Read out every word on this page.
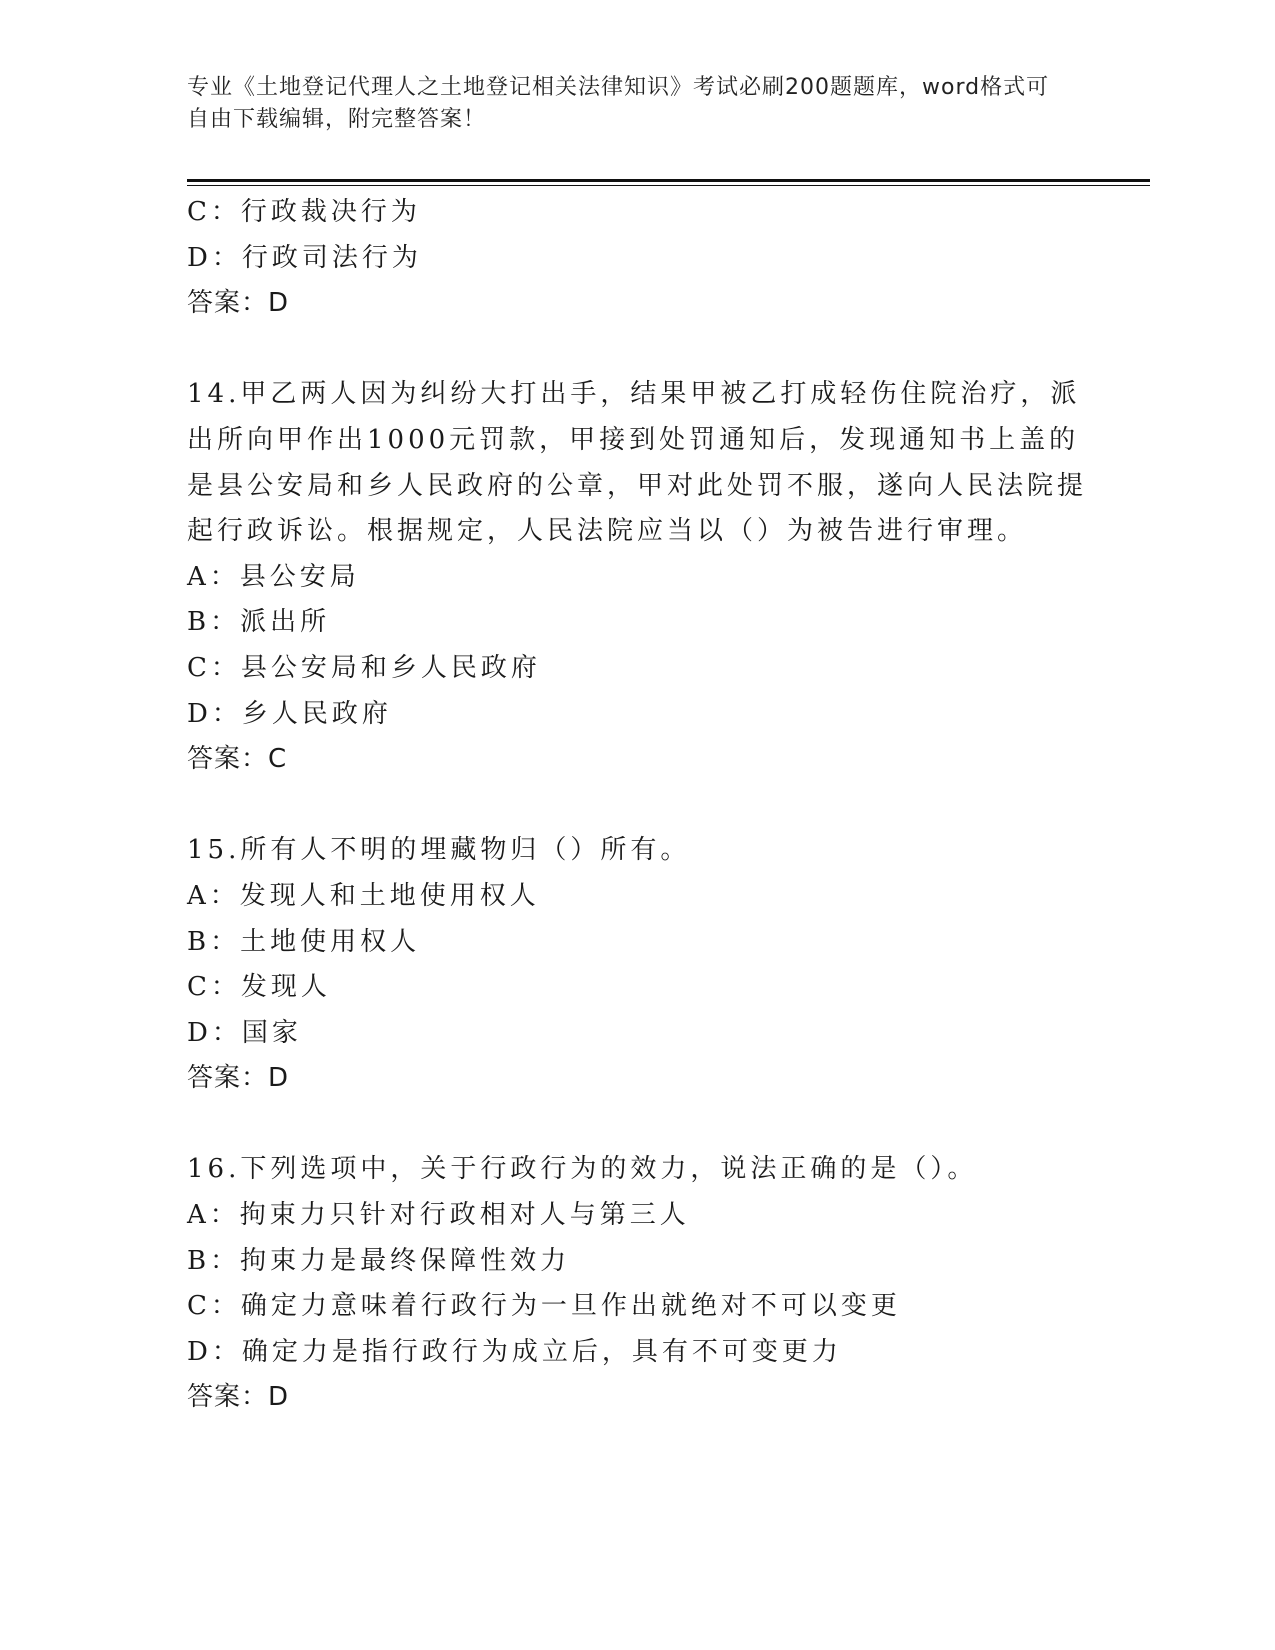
专业《土地登记代理人之土地登记相关法律知识》考试必刷200题题库，word格式可自由下载编辑，附完整答案！
C：行政裁决行为
D：行政司法行为
答案：D
14.甲乙两人因为纠纷大打出手，结果甲被乙打成轻伤住院治疗，派出所向甲作出1000元罚款，甲接到处罚通知后，发现通知书上盖的是县公安局和乡人民政府的公章，甲对此处罚不服，遂向人民法院提起行政诉讼。根据规定，人民法院应当以（）为被告进行审理。
A：县公安局
B：派出所
C：县公安局和乡人民政府
D：乡人民政府
答案：C
15.所有人不明的埋藏物归（）所有。
A：发现人和土地使用权人
B：土地使用权人
C：发现人
D：国家
答案：D
16.下列选项中，关于行政行为的效力，说法正确的是（）。
A：拘束力只针对行政相对人与第三人
B：拘束力是最终保障性效力
C：确定力意味着行政行为一旦作出就绝对不可以变更
D：确定力是指行政行为成立后，具有不可变更力
答案：D
